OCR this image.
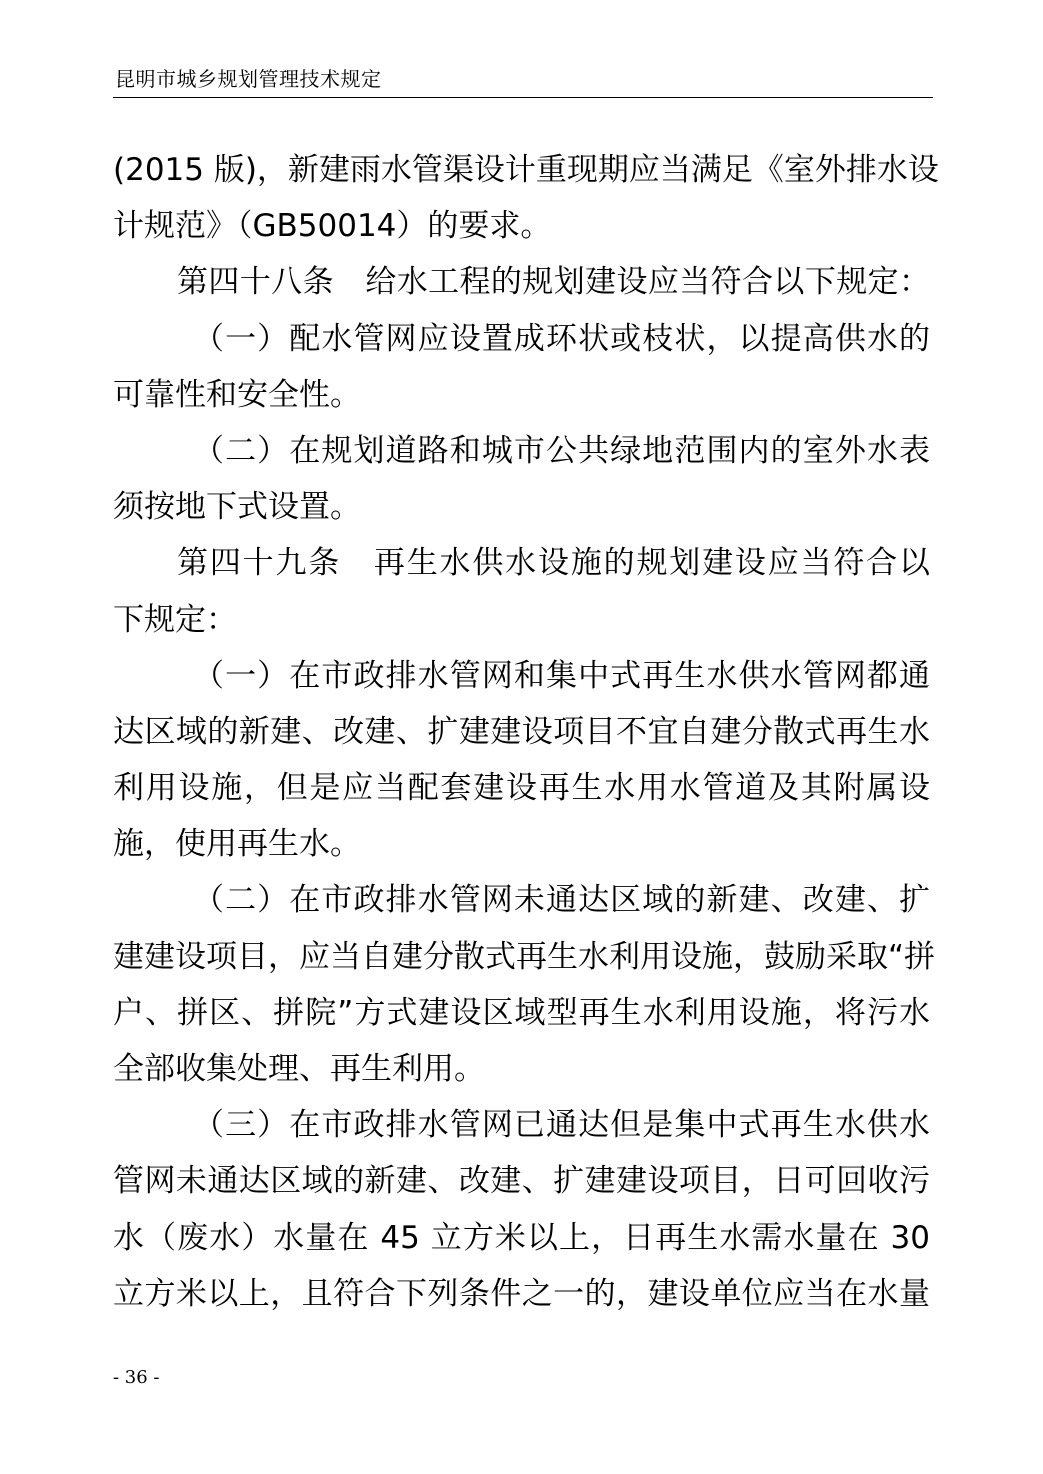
昆明市城乡规划管理技术规定
(2015 版)，新建雨水管渠设计重现期应当满足《室外排水设
计规范》（GB50014）的要求。
第四十八条　给水工程的规划建设应当符合以下规定：
（一）配水管网应设置成环状或枝状，以提高供水的
可靠性和安全性。
（二）在规划道路和城市公共绿地范围内的室外水表
须按地下式设置。
第四十九条　再生水供水设施的规划建设应当符合以
下规定：
（一）在市政排水管网和集中式再生水供水管网都通
达区域的新建、改建、扩建建设项目不宜自建分散式再生水
利用设施，但是应当配套建设再生水用水管道及其附属设
施，使用再生水。
（二）在市政排水管网未通达区域的新建、改建、扩
建建设项目，应当自建分散式再生水利用设施，鼓励采取“拼
户、拼区、拼院”方式建设区域型再生水利用设施，将污水
全部收集处理、再生利用。
（三）在市政排水管网已通达但是集中式再生水供水
管网未通达区域的新建、改建、扩建建设项目，日可回收污
水（废水）水量在 45 立方米以上，日再生水需水量在 30
立方米以上，且符合下列条件之一的，建设单位应当在水量
- 36 -
